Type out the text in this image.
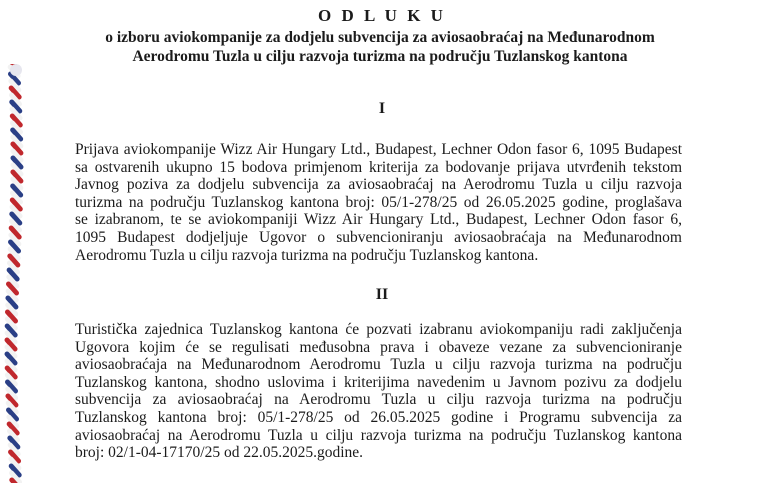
O D L U K U
o izboru aviokompanije za dodjelu subvencija za aviosaobraćaj na Međunarodnom
Aerodromu Tuzla u cilju razvoja turizma na području Tuzlanskog kantona
I
Prijava aviokompanije Wizz Air Hungary Ltd., Budapest, Lechner Odon fasor 6, 1095 Budapest
sa ostvarenih ukupno 15 bodova primjenom kriterija za bodovanje prijava utvrđenih tekstom
Javnog poziva za dodjelu subvencija za aviosaobraćaj na Aerodromu Tuzla u cilju razvoja
turizma na području Tuzlanskog kantona broj: 05/1-278/25 od 26.05.2025 godine, proglašava
se izabranom, te se aviokompaniji Wizz Air Hungary Ltd., Budapest, Lechner Odon fasor 6,
1095 Budapest dodjeljuje Ugovor o subvencioniranju aviosaobraćaja na Međunarodnom
Aerodromu Tuzla u cilju razvoja turizma na području Tuzlanskog kantona.
II
Turistička zajednica Tuzlanskog kantona će pozvati izabranu aviokompaniju radi zaključenja
Ugovora kojim će se regulisati međusobna prava i obaveze vezane za subvencioniranje
aviosaobraćaja na Međunarodnom Aerodromu Tuzla u cilju razvoja turizma na području
Tuzlanskog kantona, shodno uslovima i kriterijima navedenim u Javnom pozivu za dodjelu
subvencija za aviosaobraćaj na Aerodromu Tuzla u cilju razvoja turizma na području
Tuzlanskog kantona broj: 05/1-278/25 od 26.05.2025 godine i Programu subvencija za
aviosaobraćaj na Aerodromu Tuzla u cilju razvoja turizma na području Tuzlanskog kantona
broj: 02/1-04-17170/25 od 22.05.2025.godine.
